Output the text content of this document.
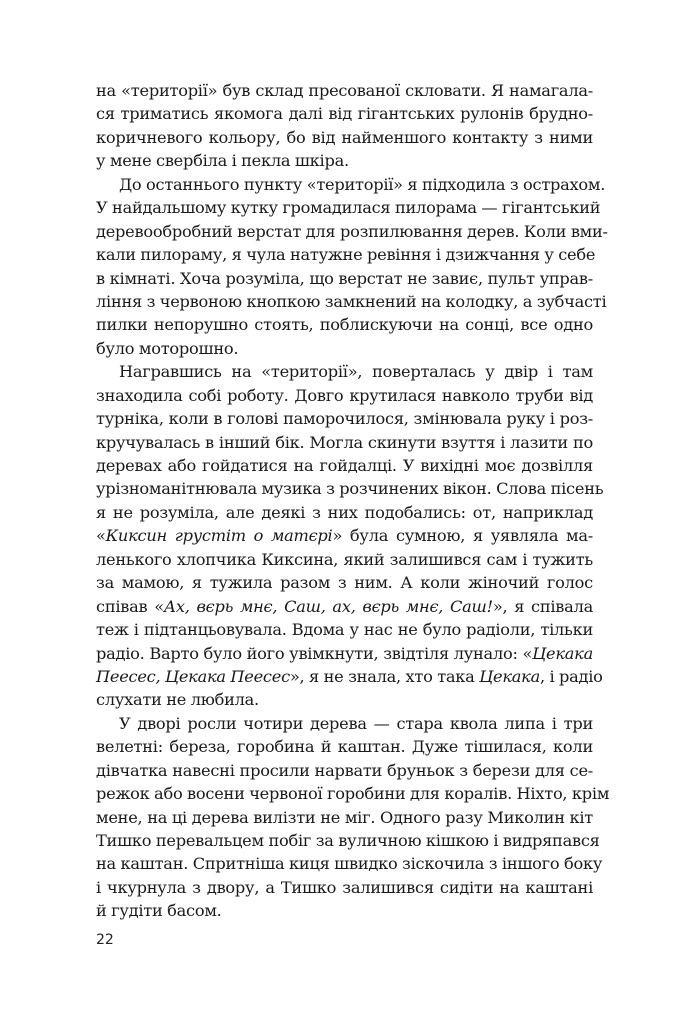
на «території» був склад пресованої скловати. Я намагала-
ся триматись якомога далі від гігантських рулонів брудно-
коричневого кольору, бо від найменшого контакту з ними
у мене свербіла і пекла шкіра.

До останнього пункту «території» я підходила з острахом.
У найдальшому кутку громадилася пилорама — гігантський
деревообробний верстат для розпилювання дерев. Коли вми-
кали пилораму, я чула натужне ревіння і дзижчання у себе
в кімнаті. Хоча розуміла, що верстат не завиє, пульт управ-
ління з червоною кнопкою замкнений на колодку, а зубчасті
пилки непорушно стоять, поблискуючи на сонці, все одно
було моторошно.

Награвшись на «території», поверталась у двір і там
знаходила собі роботу. Довго крутилася навколо труби від
турніка, коли в голові паморочилося, змінювала руку і роз-
кручувалась в інший бік. Могла скинути взуття і лазити по
деревах або гойдатися на гойдалці. У вихідні моє дозвілля
урізноманітнювала музика з розчинених вікон. Слова пісень
я не розуміла, але деякі з них подобались: от, наприклад
«Киксин грустіт о матєрі» була сумною, я уявляла ма-
ленького хлопчика Киксина, який залишився сам і тужить
за мамою, я тужила разом з ним. А коли жіночий голос
співав «Ах, вєрь мнє, Саш, ах, вєрь мнє, Саш!», я співала
теж і підтанцьовувала. Вдома у нас не було радіоли, тільки
радіо. Варто було його увімкнути, звідтіля лунало: «Цекака
Пеесес, Цекака Пеесес», я не знала, хто така Цекака, і радіо
слухати не любила.

У дворі росли чотири дерева — стара квола липа і три
велетні: береза, горобина й каштан. Дуже тішилася, коли
дівчатка навесні просили нарвати бруньок з берези для се-
режок або восени червоної горобини для коралів. Ніхто, крім
мене, на ці дерева вилізти не міг. Одного разу Миколин кіт
Тишко перевальцем побіг за вуличною кішкою і видряпався
на каштан. Спритніша киця швидко зіскочила з іншого боку
і чкурнула з двору, а Тишко залишився сидіти на каштані
й гудіти басом.

22
